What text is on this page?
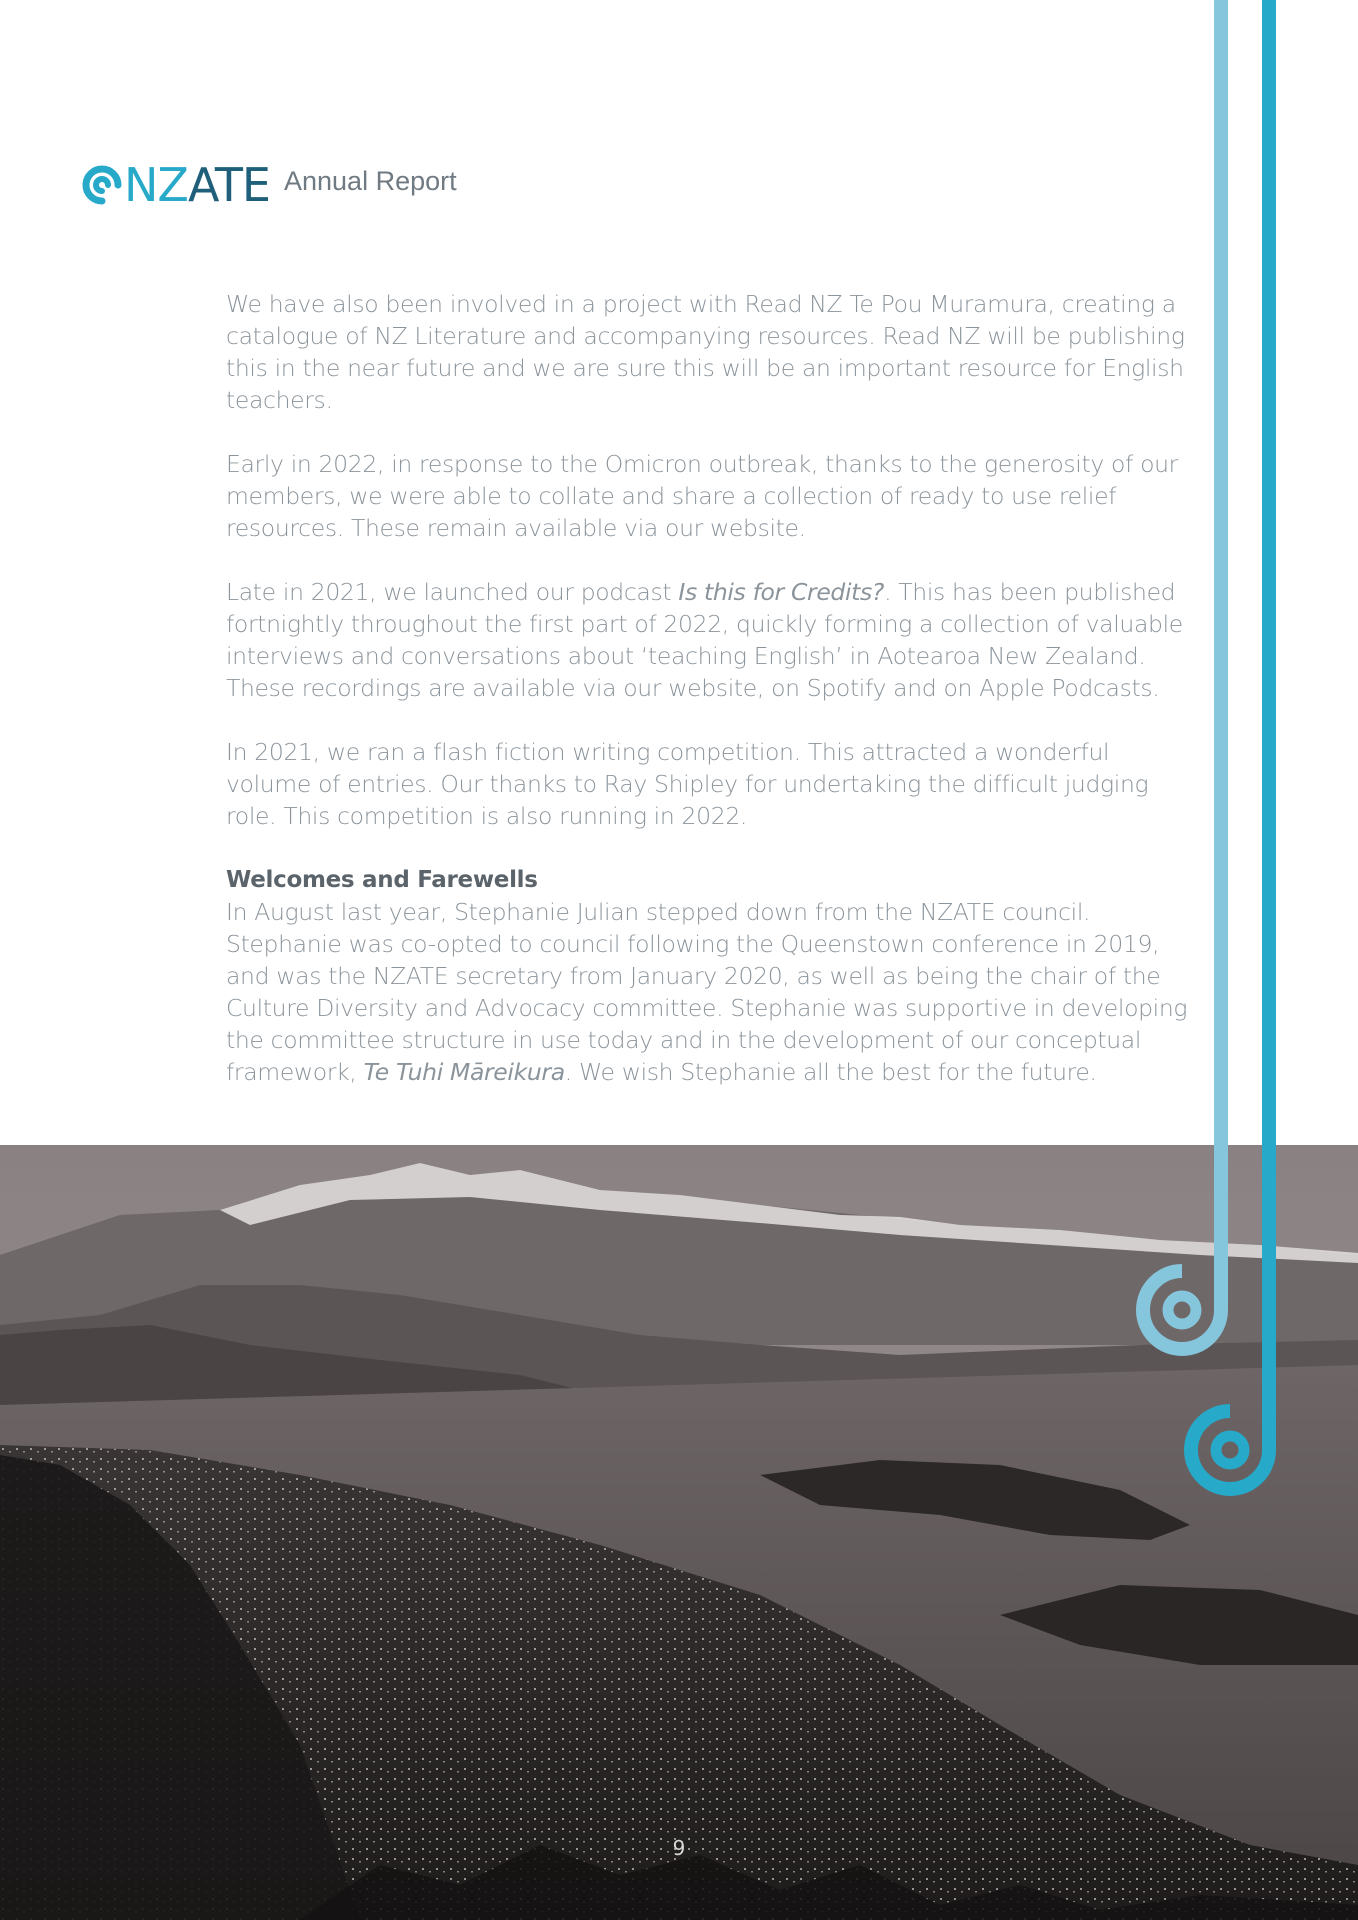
NZATE Annual Report

We have also been involved in a project with Read NZ Te Pou Muramura, creating a catalogue of NZ Literature and accompanying resources. Read NZ will be publishing this in the near future and we are sure this will be an important resource for English teachers.

Early in 2022, in response to the Omicron outbreak, thanks to the generosity of our members, we were able to collate and share a collection of ready to use relief resources. These remain available via our website.

Late in 2021, we launched our podcast Is this for Credits?. This has been published fortnightly throughout the first part of 2022, quickly forming a collection of valuable interviews and conversations about ‘teaching English’ in Aotearoa New Zealand. These recordings are available via our website, on Spotify and on Apple Podcasts.

In 2021, we ran a flash fiction writing competition. This attracted a wonderful volume of entries. Our thanks to Ray Shipley for undertaking the difficult judging role. This competition is also running in 2022.

Welcomes and Farewells

In August last year, Stephanie Julian stepped down from the NZATE council. Stephanie was co-opted to council following the Queenstown conference in 2019, and was the NZATE secretary from January 2020, as well as being the chair of the Culture Diversity and Advocacy committee. Stephanie was supportive in developing the committee structure in use today and in the development of our conceptual framework, Te Tuhi Māreikura. We wish Stephanie all the best for the future.

9
